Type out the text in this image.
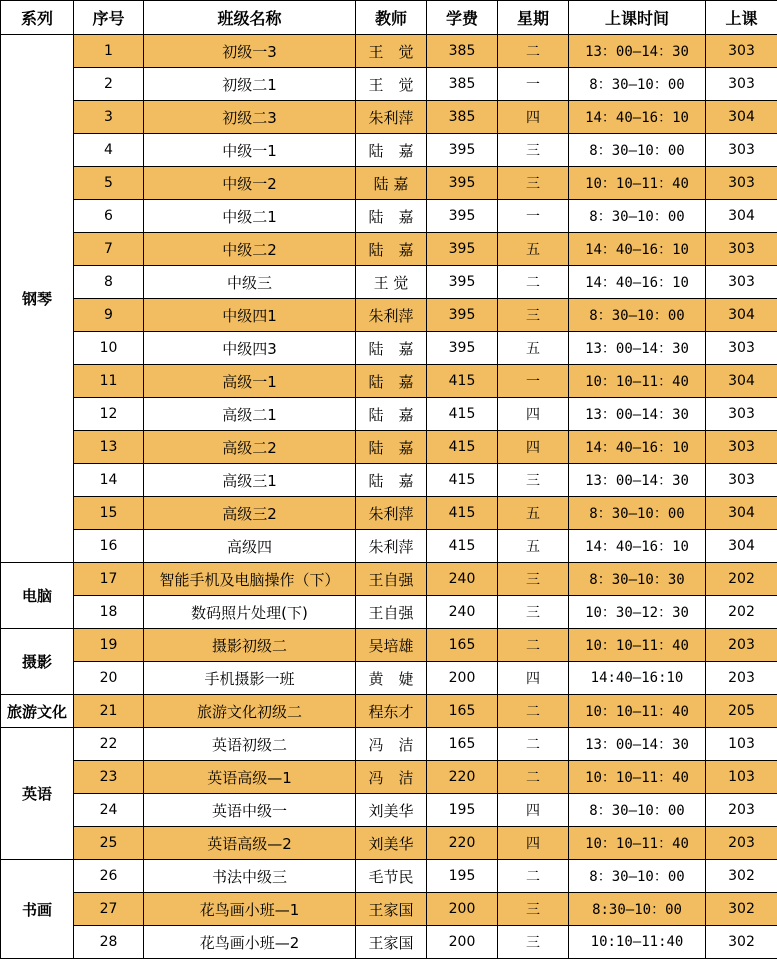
系列	序号	班级名称	教师	学费	星期	上课时间	上课
钢琴	1	初级一3	王　觉	385	二	13：00—14：30	303
	2	初级二1	王　觉	385	一	8：30—10：00	303
	3	初级二3	朱利萍	385	四	14：40—16：10	304
	4	中级一1	陆　嘉	395	三	8：30—10：00	303
	5	中级一2	陆 嘉	395	三	10：10—11：40	303
	6	中级二1	陆　嘉	395	一	8：30—10：00	304
	7	中级二2	陆　嘉	395	五	14：40—16：10	303
	8	中级三	王 觉	395	二	14：40—16：10	303
	9	中级四1	朱利萍	395	三	8：30—10：00	304
	10	中级四3	陆　嘉	395	五	13：00—14：30	303
	11	高级一1	陆　嘉	415	一	10：10—11：40	304
	12	高级二1	陆　嘉	415	四	13：00—14：30	303
	13	高级二2	陆　嘉	415	四	14：40—16：10	303
	14	高级三1	陆　嘉	415	三	13：00—14：30	303
	15	高级三2	朱利萍	415	五	8：30—10：00	304
	16	高级四	朱利萍	415	五	14：40—16：10	304
电脑	17	智能手机及电脑操作（下）	王自强	240	三	8：30—10：30	202
	18	数码照片处理(下)	王自强	240	三	10：30—12：30	202
摄影	19	摄影初级二	吴培雄	165	二	10：10—11：40	203
	20	手机摄影一班	黄　婕	200	四	14:40—16:10	203
旅游文化	21	旅游文化初级二	程东才	165	二	10：10—11：40	205
英语	22	英语初级二	冯　洁	165	二	13：00—14：30	103
	23	英语高级—1	冯　洁	220	二	10：10—11：40	103
	24	英语中级一	刘美华	195	四	8：30—10：00	203
	25	英语高级—2	刘美华	220	四	10：10—11：40	203
书画	26	书法中级三	毛节民	195	二	8：30—10：00	302
	27	花鸟画小班—1	王家国	200	三	8:30—10：00	302
	28	花鸟画小班—2	王家国	200	三	10:10—11:40	302
